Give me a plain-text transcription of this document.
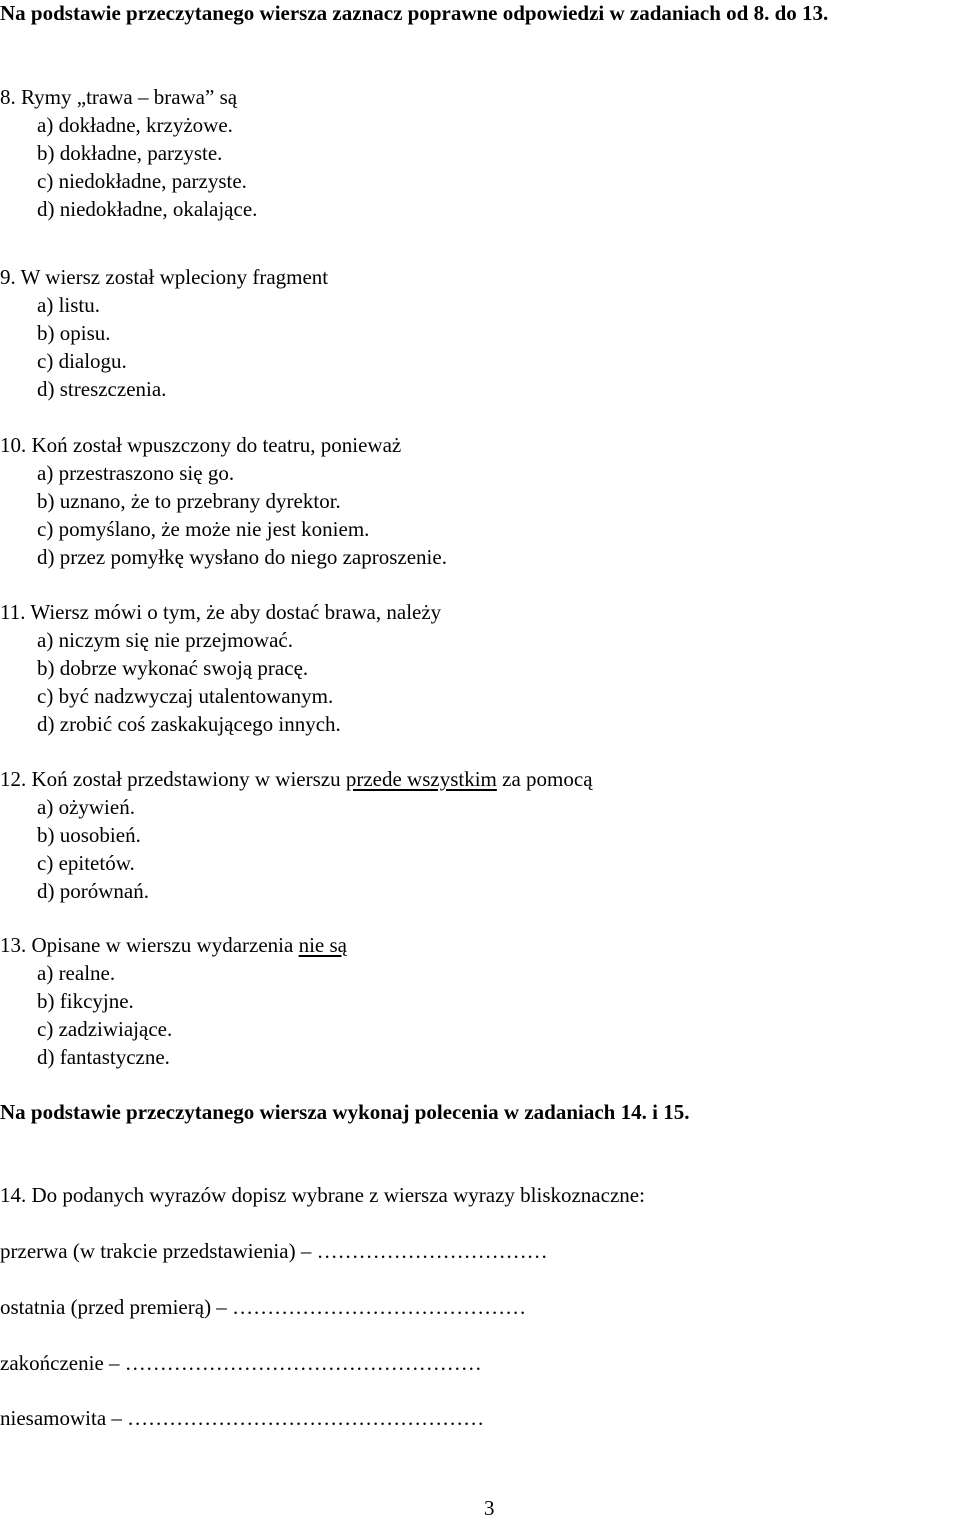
Na podstawie przeczytanego wiersza zaznacz poprawne odpowiedzi w zadaniach od 8. do 13.
8. Rymy „trawa – brawa” są
a) dokładne, krzyżowe.
b) dokładne, parzyste.
c) niedokładne, parzyste.
d) niedokładne, okalające.
9. W wiersz został wpleciony fragment
a) listu.
b) opisu.
c) dialogu.
d) streszczenia.
10. Koń został wpuszczony do teatru, ponieważ
a) przestraszono się go.
b) uznano, że to przebrany dyrektor.
c) pomyślano, że może nie jest koniem.
d) przez pomyłkę wysłano do niego zaproszenie.
11. Wiersz mówi o tym, że aby dostać brawa, należy
a) niczym się nie przejmować.
b) dobrze wykonać swoją pracę.
c) być nadzwyczaj utalentowanym.
d) zrobić coś zaskakującego innych.
12. Koń został przedstawiony w wierszu przede wszystkim za pomocą
a) ożywień.
b) uosobień.
c) epitetów.
d) porównań.
13. Opisane w wierszu wydarzenia nie są
a) realne.
b) fikcyjne.
c) zadziwiające.
d) fantastyczne.
Na podstawie przeczytanego wiersza wykonaj polecenia w zadaniach 14. i 15.
14. Do podanych wyrazów dopisz wybrane z wiersza wyrazy bliskoznaczne:
przerwa (w trakcie przedstawienia) – ……………………………
ostatnia (przed premierą) – ……………………………………
zakończenie – ……………………………………………
niesamowita – ……………………………………………
3
